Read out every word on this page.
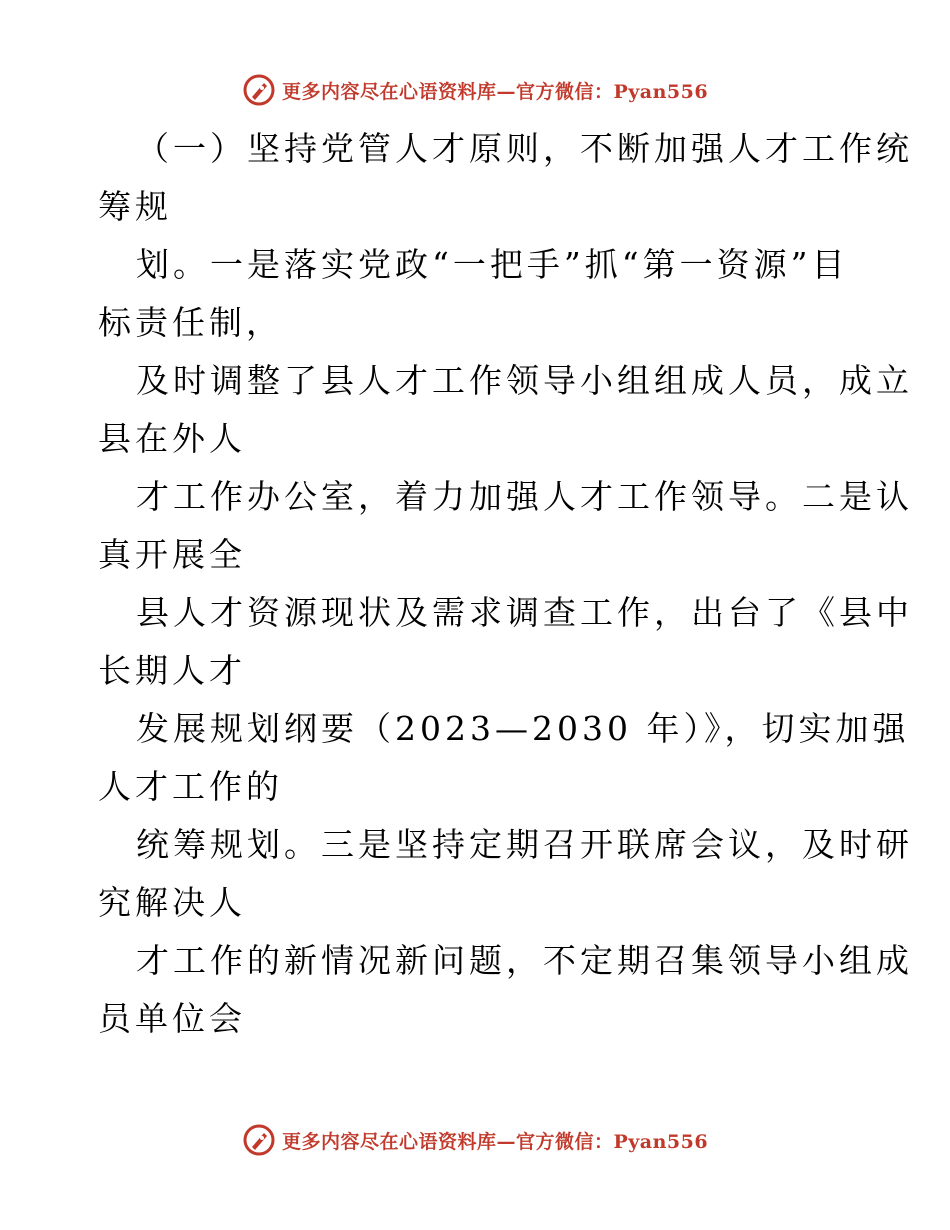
更多内容尽在心语资料库—官方微信：Pyan556
（一）坚持党管人才原则，不断加强人才工作统
筹规
划。一是落实党政“一把手”抓“第一资源”目
标责任制，
及时调整了县人才工作领导小组组成人员，成立
县在外人
才工作办公室，着力加强人才工作领导。二是认
真开展全
县人才资源现状及需求调查工作，出台了《县中
长期人才
发展规划纲要（2023—2030 年）》，切实加强
人才工作的
统筹规划。三是坚持定期召开联席会议，及时研
究解决人
才工作的新情况新问题，不定期召集领导小组成
员单位会
更多内容尽在心语资料库—官方微信：Pyan556
